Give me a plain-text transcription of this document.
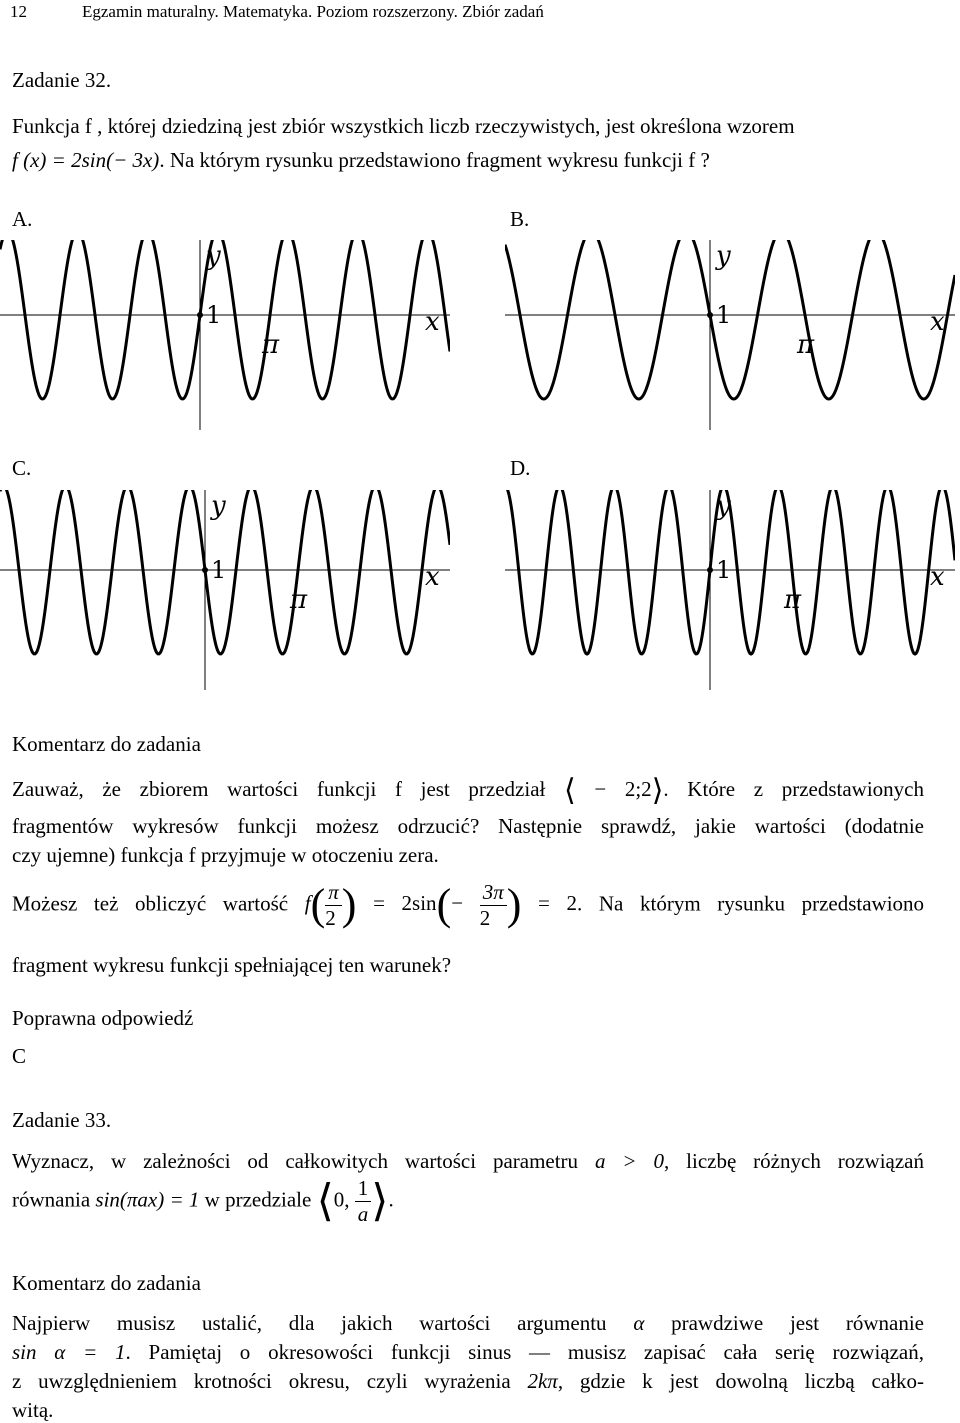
12	Egzamin maturalny. Matematyka. Poziom rozszerzony. Zbiór zadań
Zadanie 32.
Funkcja f , której dziedziną jest zbiór wszystkich liczb rzeczywistych, jest określona wzorem
f (x) = 2sin(− 3x). Na którym rysunku przedstawiono fragment wykresu funkcji f ?
A.	B.
C.	D.
y
1	x
π
y
1	x
π
y
1	x
π
y
1	x
π
Komentarz do zadania
Zauważ, że zbiorem wartości funkcji f jest przedział ⟨ − 2;2⟩. Które z przedstawionych
fragmentów wykresów funkcji możesz odrzucić? Następnie sprawdź, jakie wartości (dodatnie
czy ujemne) funkcja f przyjmuje w otoczeniu zera.
Możesz też obliczyć wartość $f( \frac{\pi}{2}$ ) = $2\sin(- \frac{3\pi}{2}$ ) = 2. Na którym rysunku przedstawiono
fragment wykresu funkcji spełniającej ten warunek?
Poprawna odpowiedź
C
Zadanie 33.
Wyznacz, w zależności od całkowitych wartości parametru a > 0, liczbę różnych rozwiązań
równania sin(πax) = 1 w przedziale ⟨0, $\frac{1}{a}$ ⟩.
Komentarz do zadania
Najpierw musisz ustalić, dla jakich wartości argumentu α prawdziwe jest równanie
sin α = 1. Pamiętaj o okresowości funkcji sinus — musisz zapisać cała serię rozwiązań,
z uwzględnieniem krotności okresu, czyli wyrażenia 2kπ, gdzie k jest dowolną liczbą całko-
witą.
